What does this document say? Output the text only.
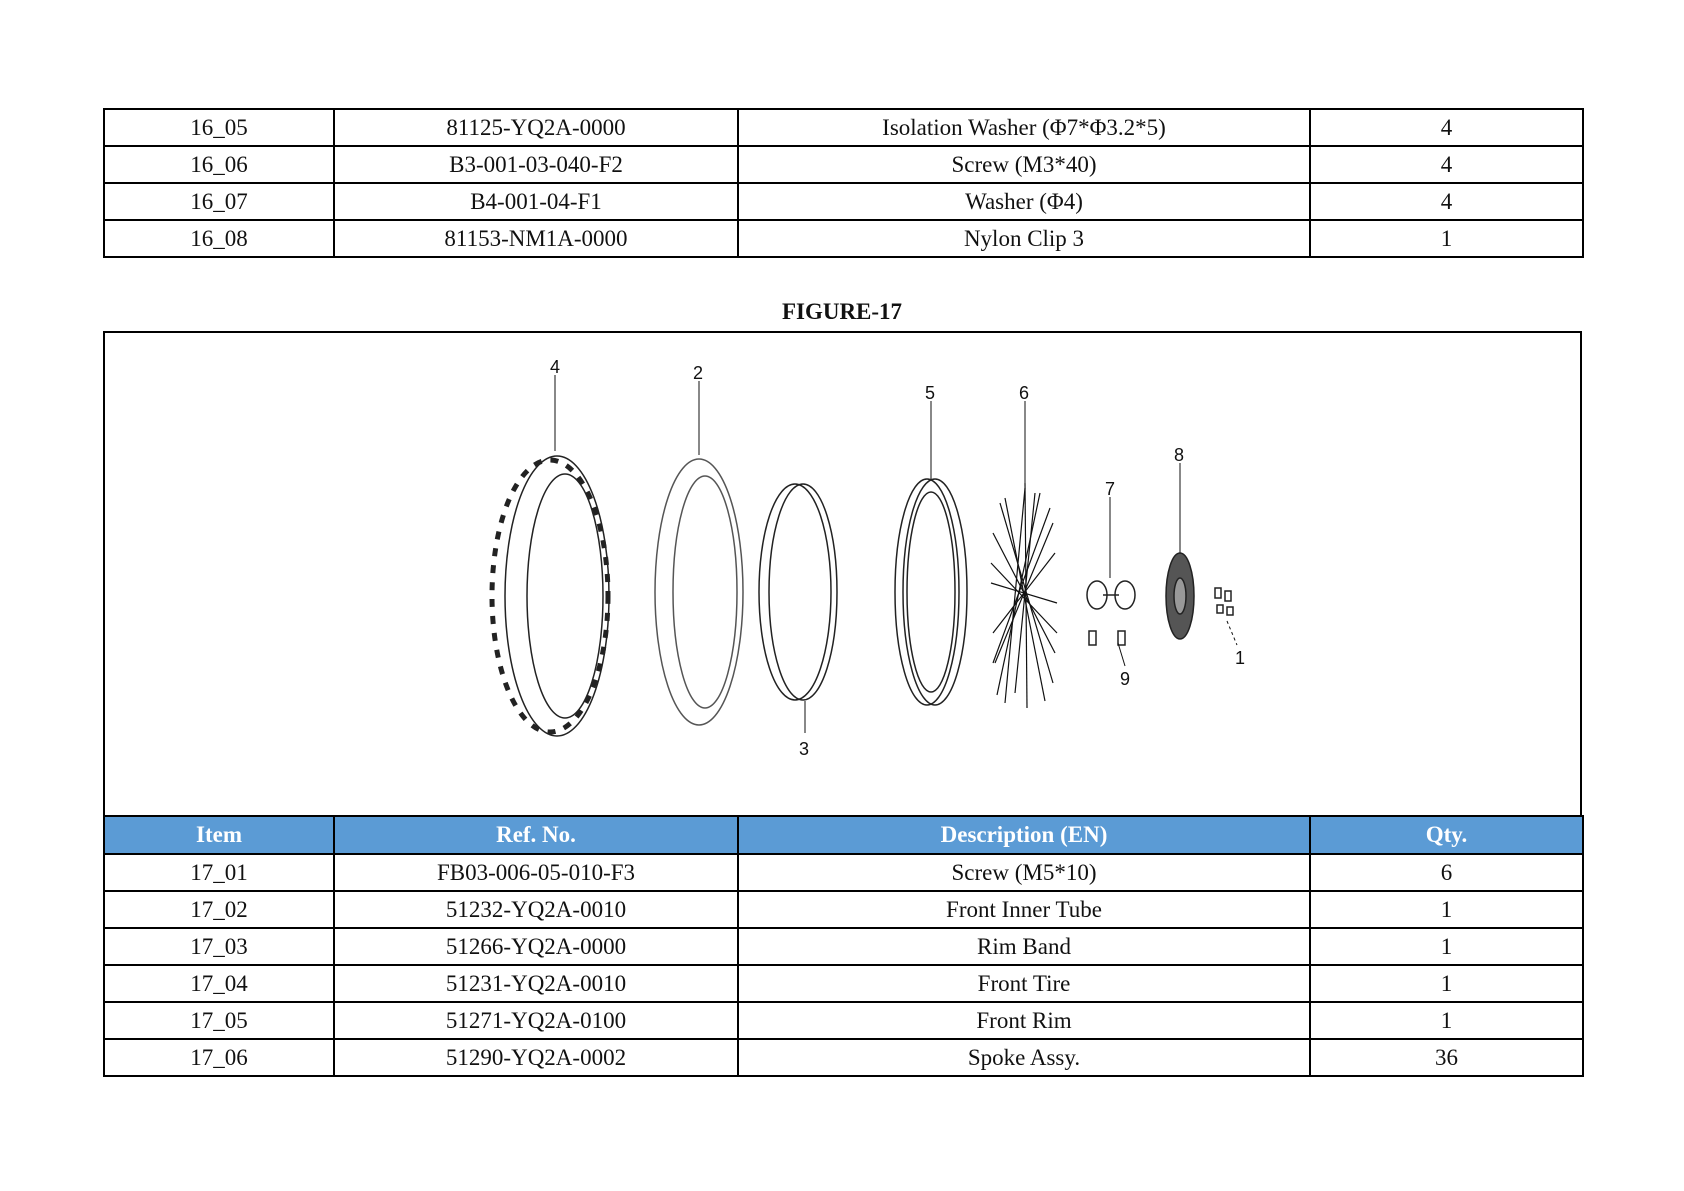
16_05	81125-YQ2A-0000	Isolation Washer (Φ7*Φ3.2*5)	4
16_06	B3-001-03-040-F2	Screw (M3*40)	4
16_07	B4-001-04-F1	Washer (Φ4)	4
16_08	81153-NM1A-0000	Nylon Clip 3	1
FIGURE-17
4	2
3
5	6
7
8
9
1
Item	Ref. No.	Description (EN)	Qty.
17_01	FB03-006-05-010-F3	Screw (M5*10)	6
17_02	51232-YQ2A-0010	Front Inner Tube	1
17_03	51266-YQ2A-0000	Rim Band	1
17_04	51231-YQ2A-0010	Front Tire	1
17_05	51271-YQ2A-0100	Front Rim	1
17_06	51290-YQ2A-0002	Spoke Assy.	36
